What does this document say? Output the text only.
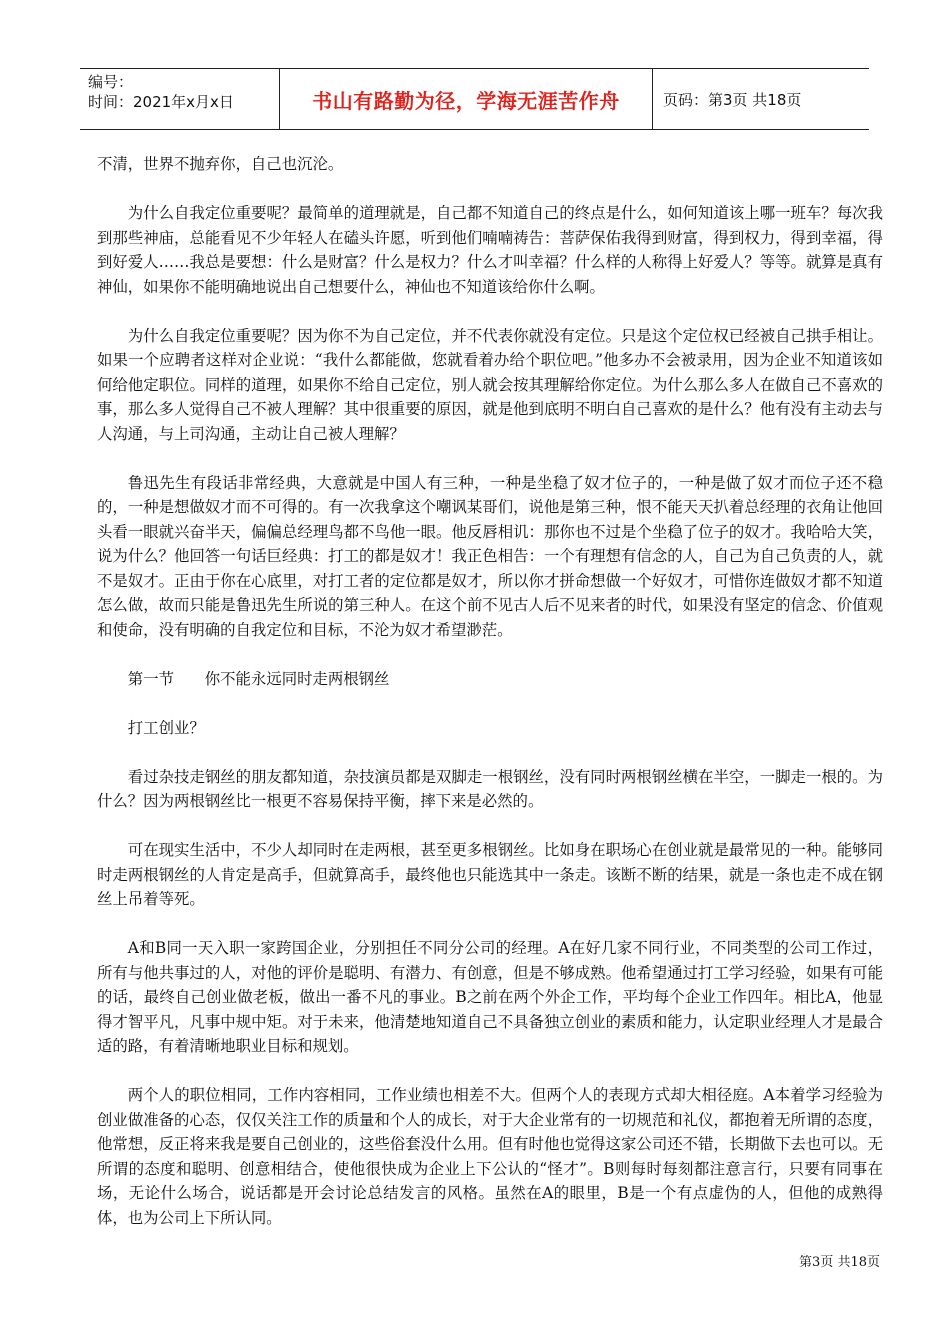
编号：
时间：2021年x月x日	书山有路勤为径，学海无涯苦作舟	页码：第3页 共18页

不清，世界不抛弃你，自己也沉沦。

为什么自我定位重要呢？最简单的道理就是，自己都不知道自己的终点是什么，如何知道该上哪一班车？每次我到那些神庙，总能看见不少年轻人在磕头许愿，听到他们喃喃祷告：菩萨保佑我得到财富，得到权力，得到幸福，得到好爱人……我总是要想：什么是财富？什么是权力？什么才叫幸福？什么样的人称得上好爱人？等等。就算是真有神仙，如果你不能明确地说出自己想要什么，神仙也不知道该给你什么啊。

为什么自我定位重要呢？因为你不为自己定位，并不代表你就没有定位。只是这个定位权已经被自己拱手相让。如果一个应聘者这样对企业说：“我什么都能做，您就看着办给个职位吧。”他多办不会被录用，因为企业不知道该如何给他定职位。同样的道理，如果你不给自己定位，别人就会按其理解给你定位。为什么那么多人在做自己不喜欢的事，那么多人觉得自己不被人理解？其中很重要的原因，就是他到底明不明白自己喜欢的是什么？他有没有主动去与人沟通，与上司沟通，主动让自己被人理解？

鲁迅先生有段话非常经典，大意就是中国人有三种，一种是坐稳了奴才位子的，一种是做了奴才而位子还不稳的，一种是想做奴才而不可得的。有一次我拿这个嘲讽某哥们，说他是第三种，恨不能天天扒着总经理的衣角让他回头看一眼就兴奋半天，偏偏总经理鸟都不鸟他一眼。他反唇相讥：那你也不过是个坐稳了位子的奴才。我哈哈大笑，说为什么？他回答一句话巨经典：打工的都是奴才！我正色相告：一个有理想有信念的人，自己为自己负责的人，就不是奴才。正由于你在心底里，对打工者的定位都是奴才，所以你才拼命想做一个好奴才，可惜你连做奴才都不知道怎么做，故而只能是鲁迅先生所说的第三种人。在这个前不见古人后不见来者的时代，如果没有坚定的信念、价值观和使命，没有明确的自我定位和目标，不沦为奴才希望渺茫。

第一节　　你不能永远同时走两根钢丝

打工创业？

看过杂技走钢丝的朋友都知道，杂技演员都是双脚走一根钢丝，没有同时两根钢丝横在半空，一脚走一根的。为什么？因为两根钢丝比一根更不容易保持平衡，摔下来是必然的。

可在现实生活中，不少人却同时在走两根，甚至更多根钢丝。比如身在职场心在创业就是最常见的一种。能够同时走两根钢丝的人肯定是高手，但就算高手，最终他也只能选其中一条走。该断不断的结果，就是一条也走不成在钢丝上吊着等死。

A和B同一天入职一家跨国企业，分别担任不同分公司的经理。A在好几家不同行业，不同类型的公司工作过，所有与他共事过的人，对他的评价是聪明、有潜力、有创意，但是不够成熟。他希望通过打工学习经验，如果有可能的话，最终自己创业做老板，做出一番不凡的事业。B之前在两个外企工作，平均每个企业工作四年。相比A，他显得才智平凡，凡事中规中矩。对于未来，他清楚地知道自己不具备独立创业的素质和能力，认定职业经理人才是最合适的路，有着清晰地职业目标和规划。

两个人的职位相同，工作内容相同，工作业绩也相差不大。但两个人的表现方式却大相径庭。A本着学习经验为创业做准备的心态，仅仅关注工作的质量和个人的成长，对于大企业常有的一切规范和礼仪，都抱着无所谓的态度，他常想，反正将来我是要自己创业的，这些俗套没什么用。但有时他也觉得这家公司还不错，长期做下去也可以。无所谓的态度和聪明、创意相结合，使他很快成为企业上下公认的“怪才”。B则每时每刻都注意言行，只要有同事在场，无论什么场合，说话都是开会讨论总结发言的风格。虽然在A的眼里，B是一个有点虚伪的人，但他的成熟得体，也为公司上下所认同。

第3页 共18页
